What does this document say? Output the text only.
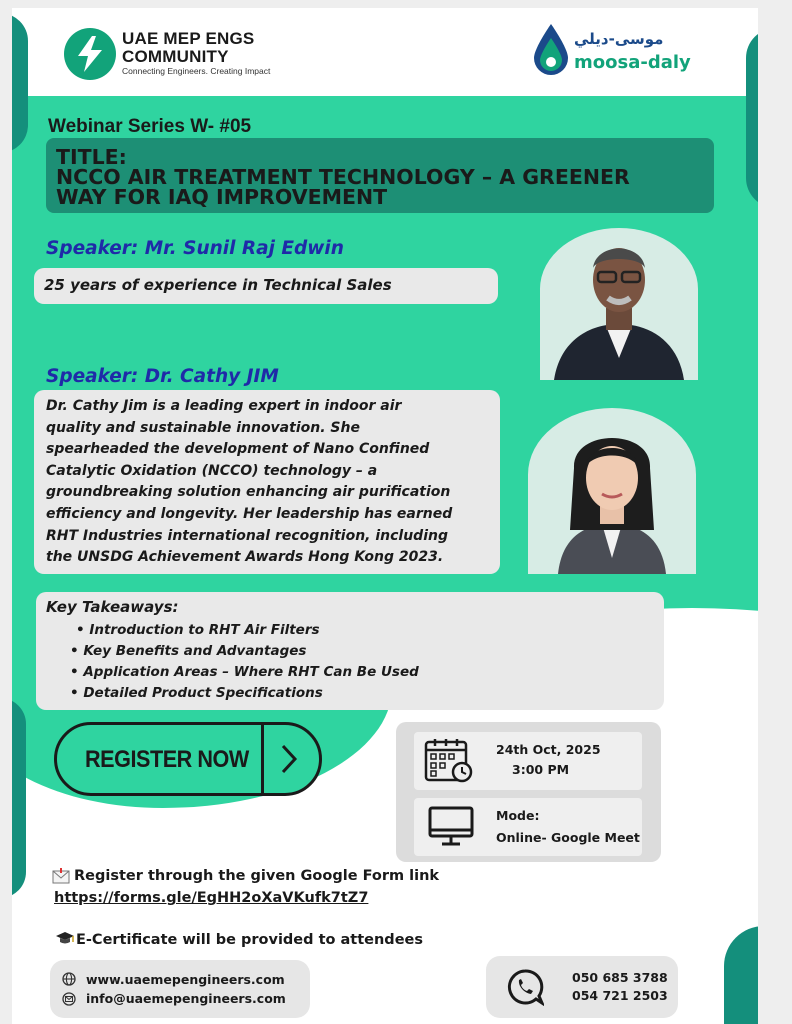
UAE MEP ENGS
COMMUNITY
Connecting Engineers. Creating Impact
موسى-ديلي
moosa-daly
Webinar Series W- #05
TITLE:
NCCO AIR TREATMENT TECHNOLOGY – A GREENER
WAY FOR IAQ IMPROVEMENT
Speaker: Mr. Sunil Raj Edwin
25 years of experience in Technical Sales
Speaker: Dr. Cathy JIM
Dr. Cathy Jim is a leading expert in indoor air
quality and sustainable innovation. She
spearheaded the development of Nano Confined
Catalytic Oxidation (NCCO) technology – a
groundbreaking solution enhancing air purification
efficiency and longevity. Her leadership has earned
RHT Industries international recognition, including
the UNSDG Achievement Awards Hong Kong 2023.
Key Takeaways:
• Introduction to RHT Air Filters
• Key Benefits and Advantages
• Application Areas – Where RHT Can Be Used
• Detailed Product Specifications
REGISTER NOW	24th Oct, 2025
3:00 PM
Mode:
Online- Google Meet
Register through the given Google Form link
https://forms.gle/EgHH2oXaVKufk7tZ7
E-Certificate will be provided to attendees
www.uaemepengineers.com
info@uaemepengineers.com
050 685 3788
054 721 2503
